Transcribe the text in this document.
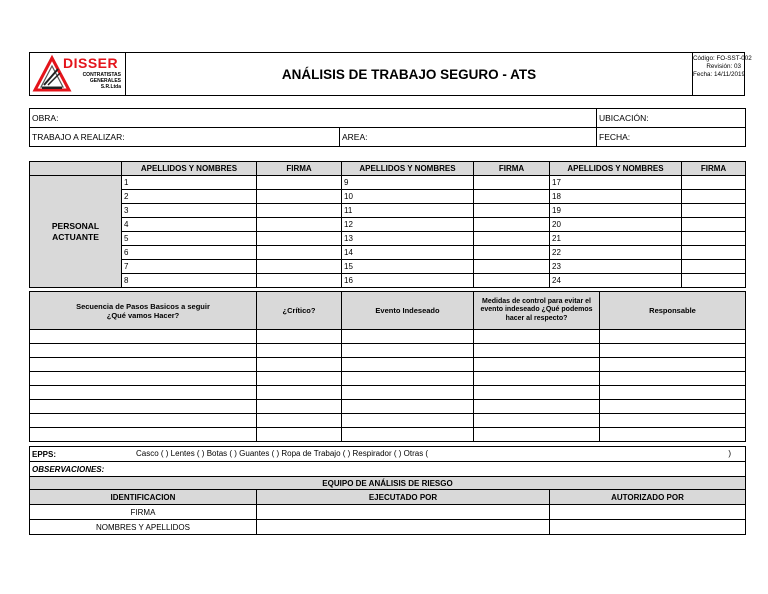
DISSER
CONTRATISTAS
GENERALES
S.R.Ltda
ANÁLISIS DE TRABAJO SEGURO - ATS
Código: FO-SST-002
Revisión: 03
Fecha: 14/11/2019
OBRA:		UBICACIÓN:
TRABAJO A REALIZAR:	AREA:	FECHA:
	APELLIDOS Y NOMBRES	FIRMA	APELLIDOS Y NOMBRES	FIRMA	APELLIDOS Y NOMBRES	FIRMA

PERSONAL
ACTUANTE	1		9		17	
	2		10		18	
	3		11		19	
	4		12		20	
	5		13		21	
	6		14		22	
	7		15		23	
	8		16		24	
Secuencia de Pasos Basicos a seguir
¿Qué vamos Hacer?	¿Crítico?	Evento Indeseado	Medidas de control para evitar el evento indeseado ¿Qué podemos hacer al respecto?	Responsable

EPPS: Casco ( ) Lentes ( ) Botas ( ) Guantes ( ) Ropa de Trabajo ( ) Respirador ( ) Otras ( )		

OBSERVACIONES:		
EQUIPO DE ANÁLISIS DE RIESGO		
IDENTIFICACION	EJECUTADO POR	AUTORIZADO POR
FIRMA		
NOMBRES Y APELLIDOS		
